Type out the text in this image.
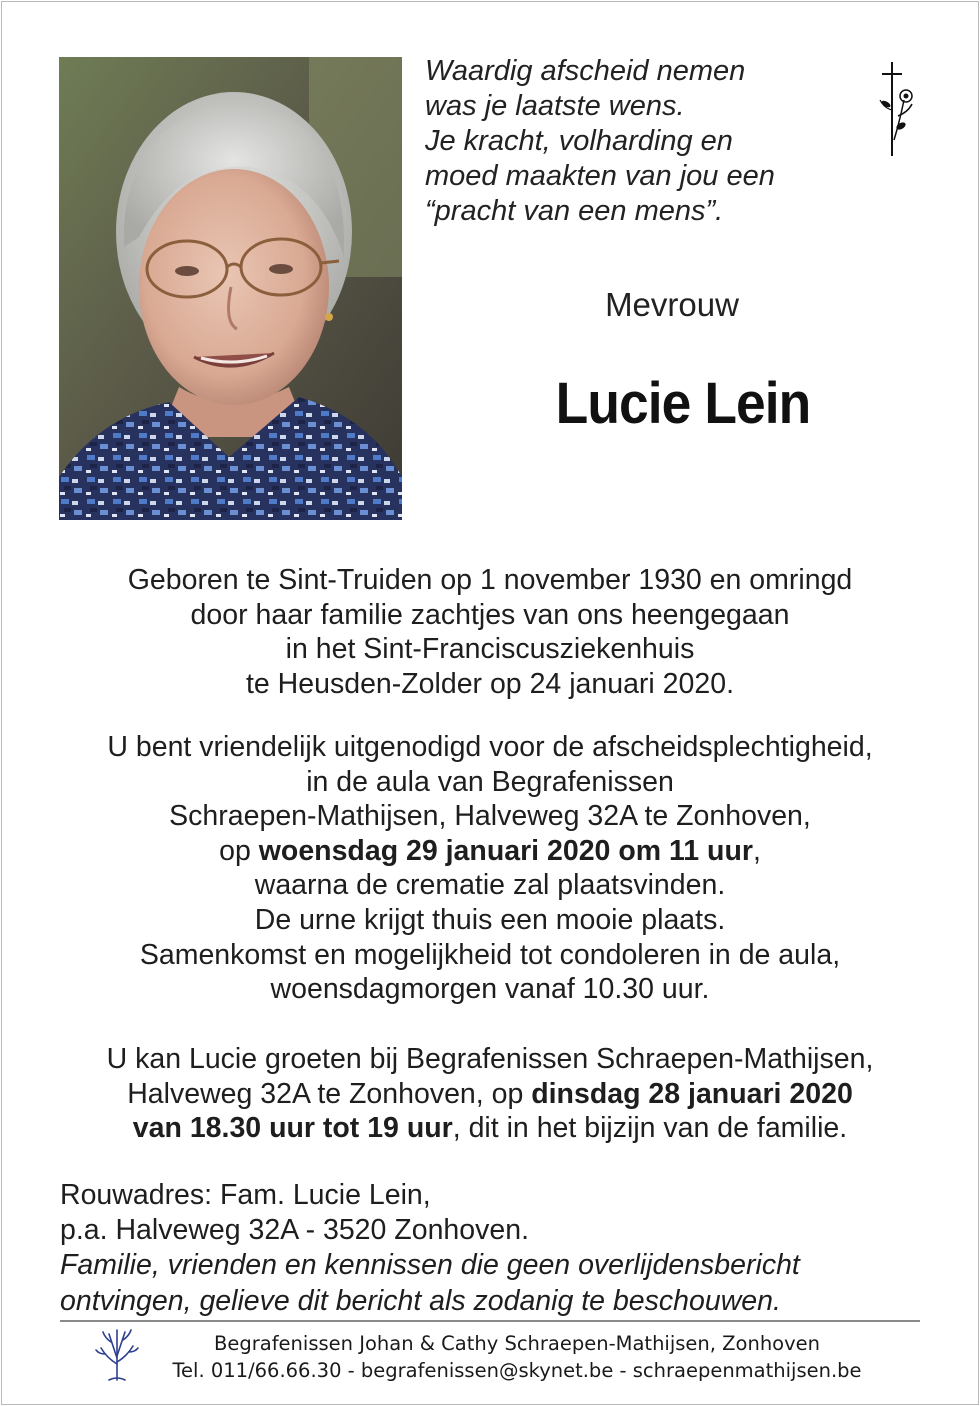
Waardig afscheid nemen
was je laatste wens.
Je kracht, volharding en
moed maakten van jou een
“pracht van een mens”.
Mevrouw
Lucie Lein
Geboren te Sint-Truiden op 1 november 1930 en omringd
door haar familie zachtjes van ons heengegaan
in het Sint-Franciscusziekenhuis
te Heusden-Zolder op 24 januari 2020.
U bent vriendelijk uitgenodigd voor de afscheidsplechtigheid,
in de aula van Begrafenissen
Schraepen-Mathijsen, Halveweg 32A te Zonhoven,
op woensdag 29 januari 2020 om 11 uur,
waarna de crematie zal plaatsvinden.
De urne krijgt thuis een mooie plaats.
Samenkomst en mogelijkheid tot condoleren in de aula,
woensdagmorgen vanaf 10.30 uur.
U kan Lucie groeten bij Begrafenissen Schraepen-Mathijsen,
Halveweg 32A te Zonhoven, op dinsdag 28 januari 2020
van 18.30 uur tot 19 uur, dit in het bijzijn van de familie.
Rouwadres: Fam. Lucie Lein,
p.a. Halveweg 32A - 3520 Zonhoven.
Familie, vrienden en kennissen die geen overlijdensbericht
ontvingen, gelieve dit bericht als zodanig te beschouwen.
Begrafenissen Johan & Cathy Schraepen-Mathijsen, Zonhoven
Tel. 011/66.66.30 - begrafenissen@skynet.be - schraepenmathijsen.be
